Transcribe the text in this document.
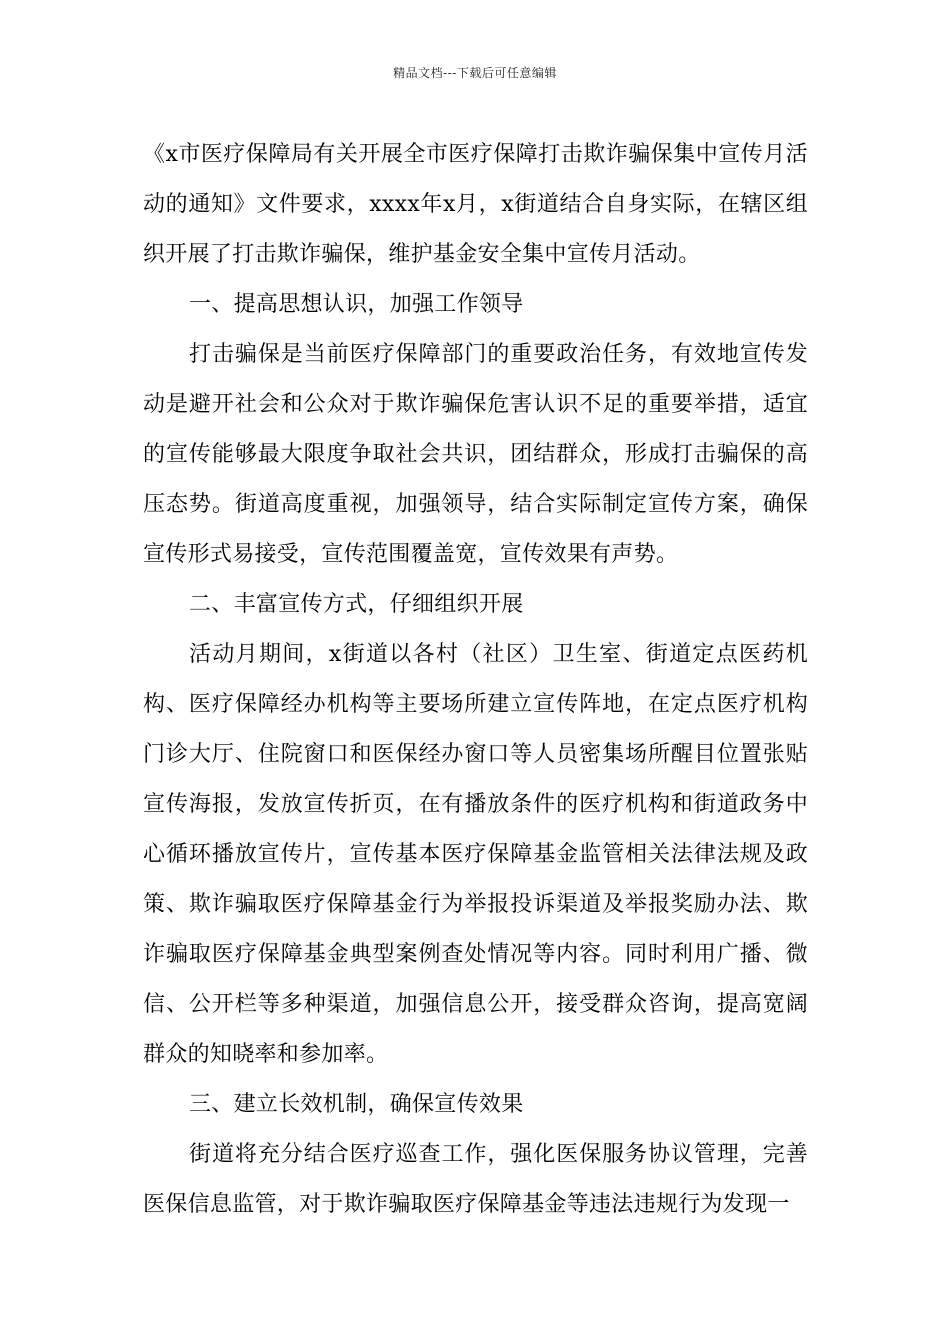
精品文档---下载后可任意编辑

《x市医疗保障局有关开展全市医疗保障打击欺诈骗保集中宣传月活动的通知》文件要求，xxxx年x月，x街道结合自身实际，在辖区组织开展了打击欺诈骗保，维护基金安全集中宣传月活动。

一、提高思想认识，加强工作领导

打击骗保是当前医疗保障部门的重要政治任务，有效地宣传发动是避开社会和公众对于欺诈骗保危害认识不足的重要举措，适宜的宣传能够最大限度争取社会共识，团结群众，形成打击骗保的高压态势。街道高度重视，加强领导，结合实际制定宣传方案，确保宣传形式易接受，宣传范围覆盖宽，宣传效果有声势。

二、丰富宣传方式，仔细组织开展

活动月期间，x街道以各村（社区）卫生室、街道定点医药机构、医疗保障经办机构等主要场所建立宣传阵地，在定点医疗机构门诊大厅、住院窗口和医保经办窗口等人员密集场所醒目位置张贴宣传海报，发放宣传折页，在有播放条件的医疗机构和街道政务中心循环播放宣传片，宣传基本医疗保障基金监管相关法律法规及政策、欺诈骗取医疗保障基金行为举报投诉渠道及举报奖励办法、欺诈骗取医疗保障基金典型案例查处情况等内容。同时利用广播、微信、公开栏等多种渠道，加强信息公开，接受群众咨询，提高宽阔群众的知晓率和参加率。

三、建立长效机制，确保宣传效果

街道将充分结合医疗巡查工作，强化医保服务协议管理，完善医保信息监管，对于欺诈骗取医疗保障基金等违法违规行为发现一
